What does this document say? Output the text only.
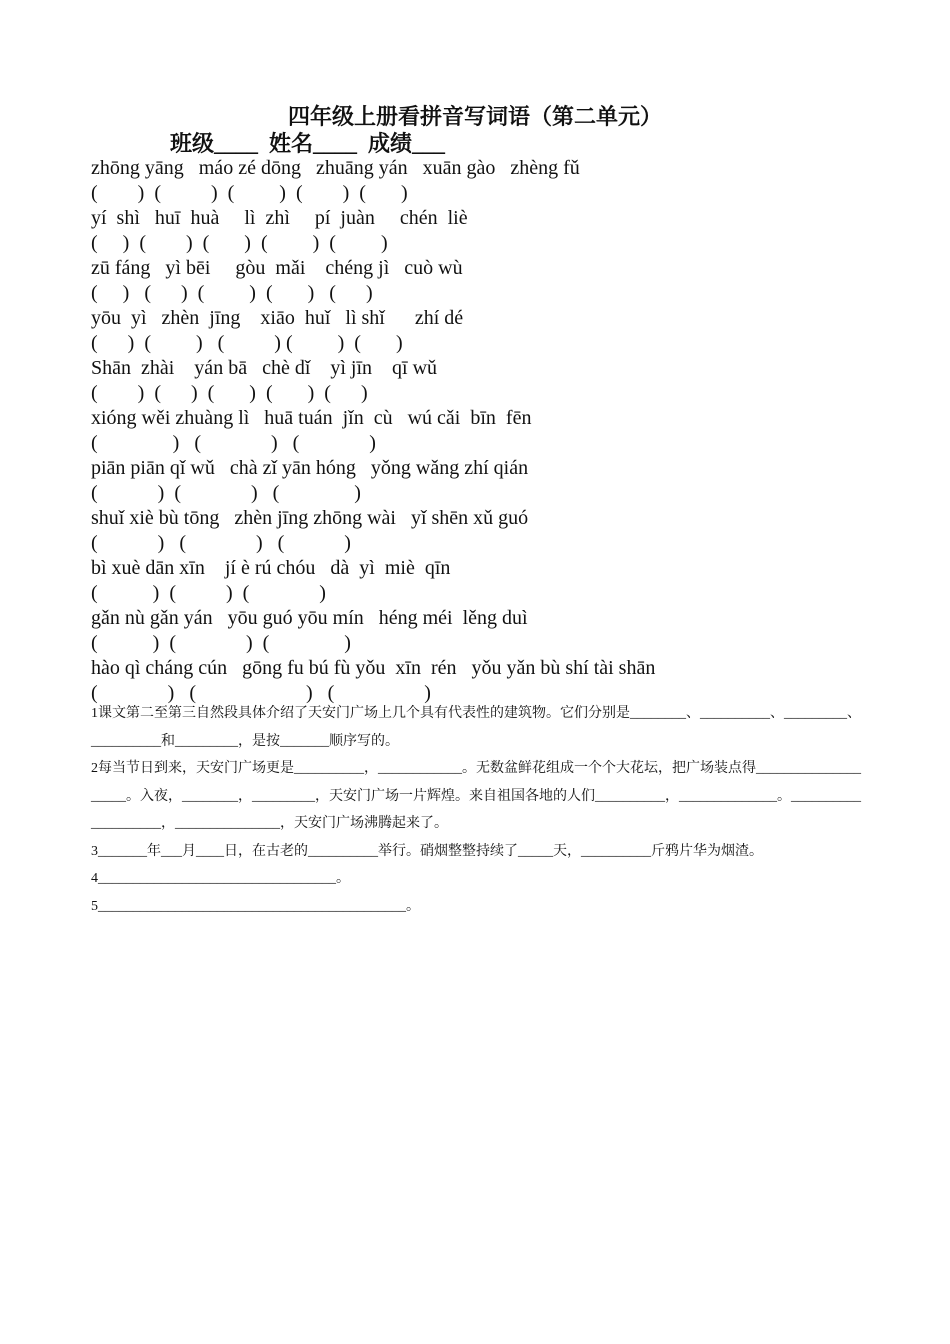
四年级上册看拼音写词语（第二单元）
班级____  姓名____  成绩___
zhōng yāng   máo zé dōng   zhuāng yán   xuān gào   zhèng fǔ
(        )  (          )  (         )  (        )  (       )
yí  shì   huī  huà     lì  zhì     pí  juàn     chén  liè
(     )  (        )  (       )  (         )  (         )
zū fáng   yì bēi     gòu  mǎi    chéng jì   cuò wù
(     )   (      )  (         )  (       )   (      )
yōu  yì   zhèn  jīng    xiāo  huǐ   lì shǐ      zhí dé
(      )  (         )   (          ) (         )  (       )
Shān  zhài    yán bā   chè dǐ    yì jīn    qī wǔ
(        )  (      )  (       )  (       )  (      )
xióng wěi zhuàng lì   huā tuán  jǐn  cù   wú cǎi  bīn  fēn
(               )   (              )   (              )
piān piān qǐ wǔ   chà zǐ yān hóng   yǒng wǎng zhí qián
(            )  (              )   (               )
shuǐ xiè bù tōng   zhèn jīng zhōng wài   yǐ shēn xǔ guó
(            )   (              )   (            )
bì xuè dān xīn    jí è rú chóu   dà  yì  miè  qīn
(           )  (          )  (              )
gǎn nù gǎn yán   yōu guó yōu mín   héng méi  lěng duì
(           )  (              )  (               )
hào qì cháng cún   gōng fu bú fù yǒu  xīn  rén   yǒu yǎn bù shí tài shān
(              )   (                      )   (                  )

1课文第二至第三自然段具体介绍了天安门广场上几个具有代表性的建筑物。它们分别是________、__________、_________、__________和_________，是按_______顺序写的。

2每当节日到来，天安门广场更是__________，____________。无数盆鲜花组成一个个大花坛，把广场装点得____________________。入夜，________，_________，天安门广场一片辉煌。来自祖国各地的人们__________，______________。____________________，_______________，天安门广场沸腾起来了。

3_______年___月____日，在古老的__________举行。硝烟整整持续了_____天，__________斤鸦片华为烟渣。

4__________________________________。

5____________________________________________。
